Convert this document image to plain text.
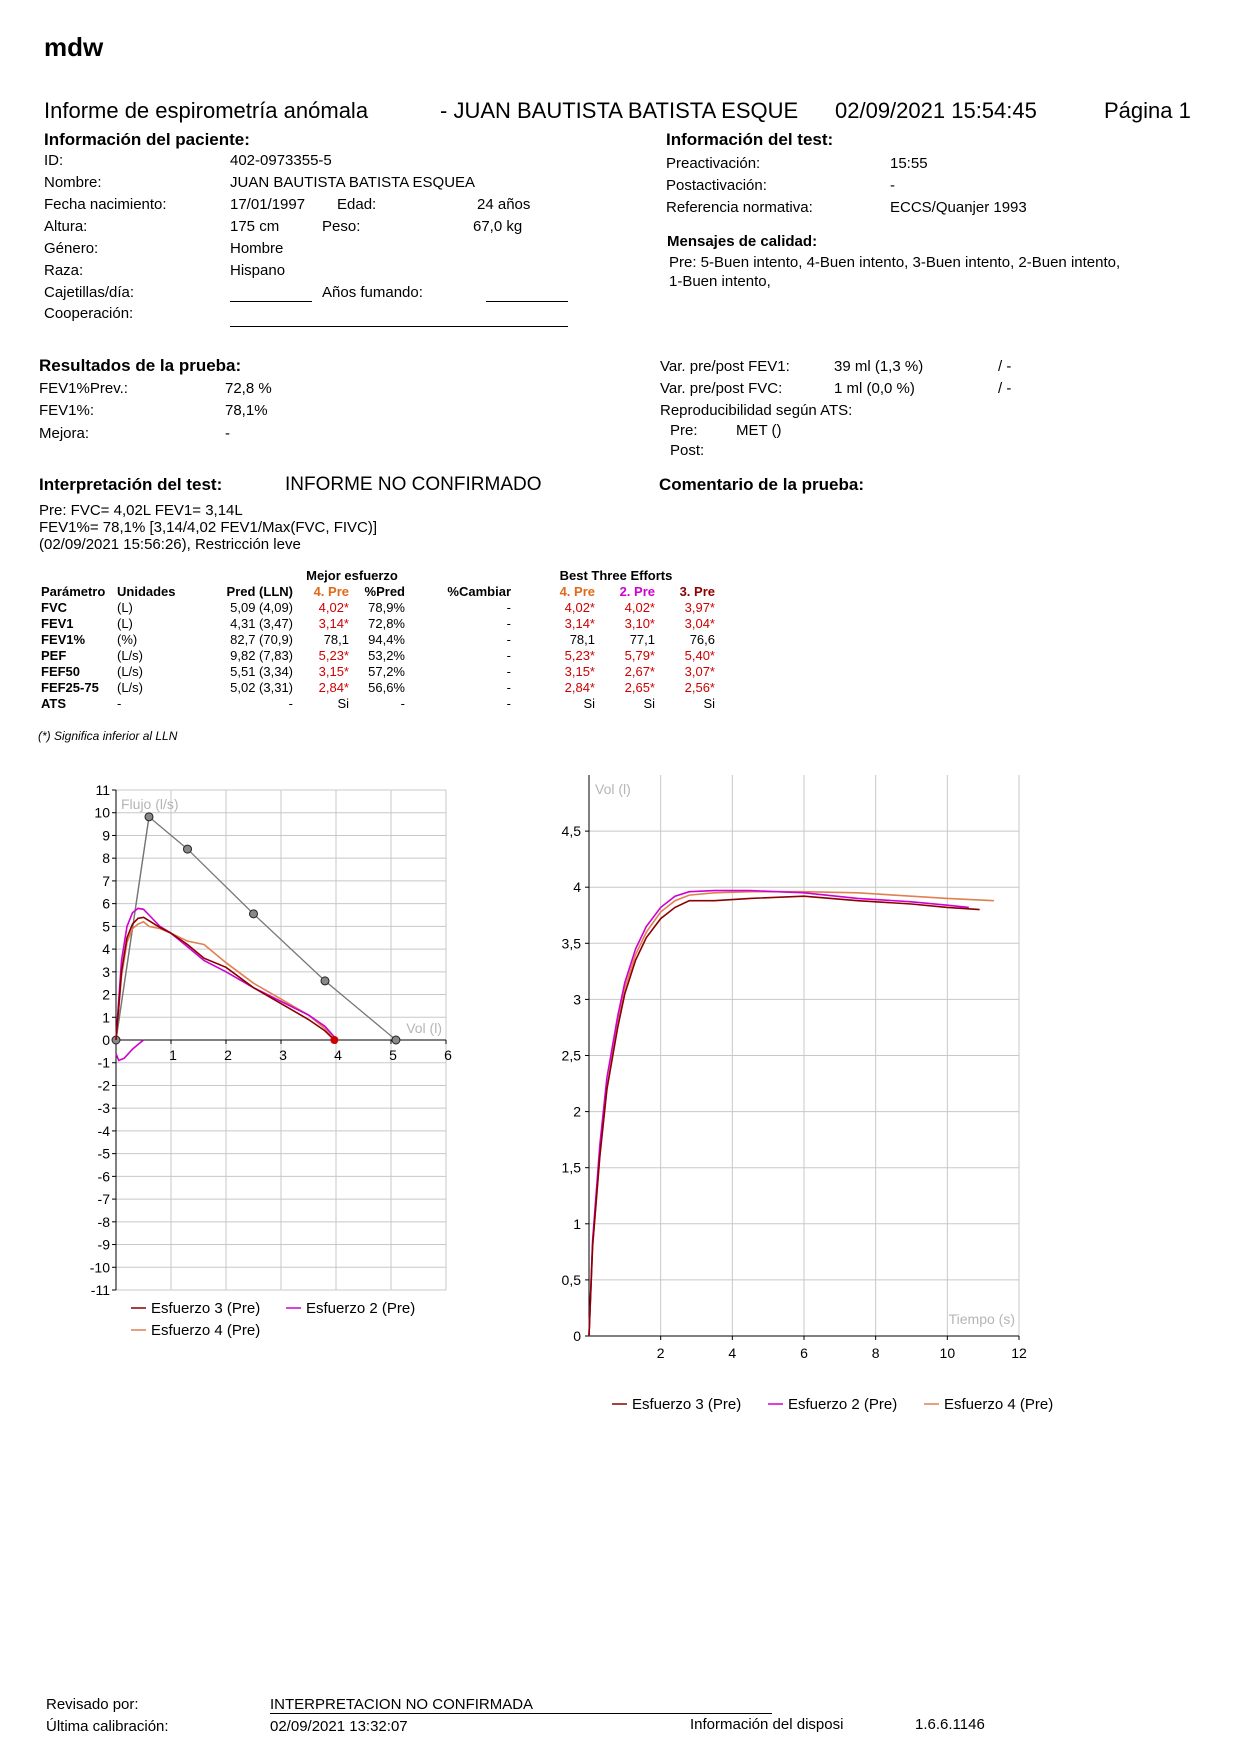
mdw
Informe de espirometría anómala	- JUAN BAUTISTA BATISTA ESQUE	02/09/2021 15:54:45	Página 1
Información del paciente:
ID:	402-0973355-5
Nombre:	JUAN BAUTISTA BATISTA ESQUEA
Fecha nacimiento:	17/01/1997 Edad:	24 años
Altura:	175 cm	Peso:	67,0 kg
Género:	Hombre
Raza:	Hispano
Cajetillas/día:	Años fumando:
Cooperación:
Información del test:
Preactivación:	15:55
Postactivación:	-
Referencia normativa:	ECCS/Quanjer 1993
Mensajes de calidad:
Pre: 5-Buen intento, 4-Buen intento, 3-Buen intento, 2-Buen intento,
1-Buen intento,
Resultados de la prueba:
FEV1%Prev.:	72,8 %
FEV1%:	78,1%
Mejora:	-
Var. pre/post FEV1:	39 ml (1,3 %)	/ -
Var. pre/post FVC:	1 ml (0,0 %)	/ -
Reproducibilidad según ATS:
Pre:	MET ()
Post:
Interpretación del test:	INFORME NO CONFIRMADO	Comentario de la prueba:
Pre: FVC= 4,02L FEV1= 3,14L
FEV1%= 78,1% [3,14/4,02 FEV1/Max(FVC, FIVC)]
(02/09/2021 15:56:26), Restricción leve
			Mejor esfuerzo			Best Three Efforts		
Parámetro	Unidades	Pred (LLN)	4. Pre	%Pred	%Cambiar	4. Pre	2. Pre	3. Pre
FVC	(L)	5,09 (4,09)	4,02*	78,9%	-	4,02*	4,02*	3,97*
FEV1	(L)	4,31 (3,47)	3,14*	72,8%	-	3,14*	3,10*	3,04*
FEV1%	(%)	82,7 (70,9)	78,1	94,4%	-	78,1	77,1	76,6
PEF	(L/s)	9,82 (7,83)	5,23*	53,2%	-	5,23*	5,79*	5,40*
FEF50	(L/s)	5,51 (3,34)	3,15*	57,2%	-	3,15*	2,67*	3,07*
FEF25-75	(L/s)	5,02 (3,31)	2,84*	56,6%	-	2,84*	2,65*	2,56*
ATS	-	-	Si	-	-	Si	Si	Si
(*) Significa inferior al LLN
-11
-10
-9
-8
-7
-6
-5
-4
-3
-2
-1
0
1
2
3
4
5
6
7
8
9
10
11
1	2	3	4	5	6
Flujo (l/s)
Vol (l)
Esfuerzo 3 (Pre)	Esfuerzo 2 (Pre)
Esfuerzo 4 (Pre)	0
0,5
1
1,5
2
2,5
3
3,5
4
4,5
2	4	6	8	10	12
Vol (l)
Tiempo (s)
Esfuerzo 3 (Pre)	Esfuerzo 2 (Pre)	Esfuerzo 4 (Pre)
Revisado por:	INTERPRETACION NO CONFIRMADA
Última calibración:	02/09/2021 13:32:07	Información del disposi	1.6.6.1146
